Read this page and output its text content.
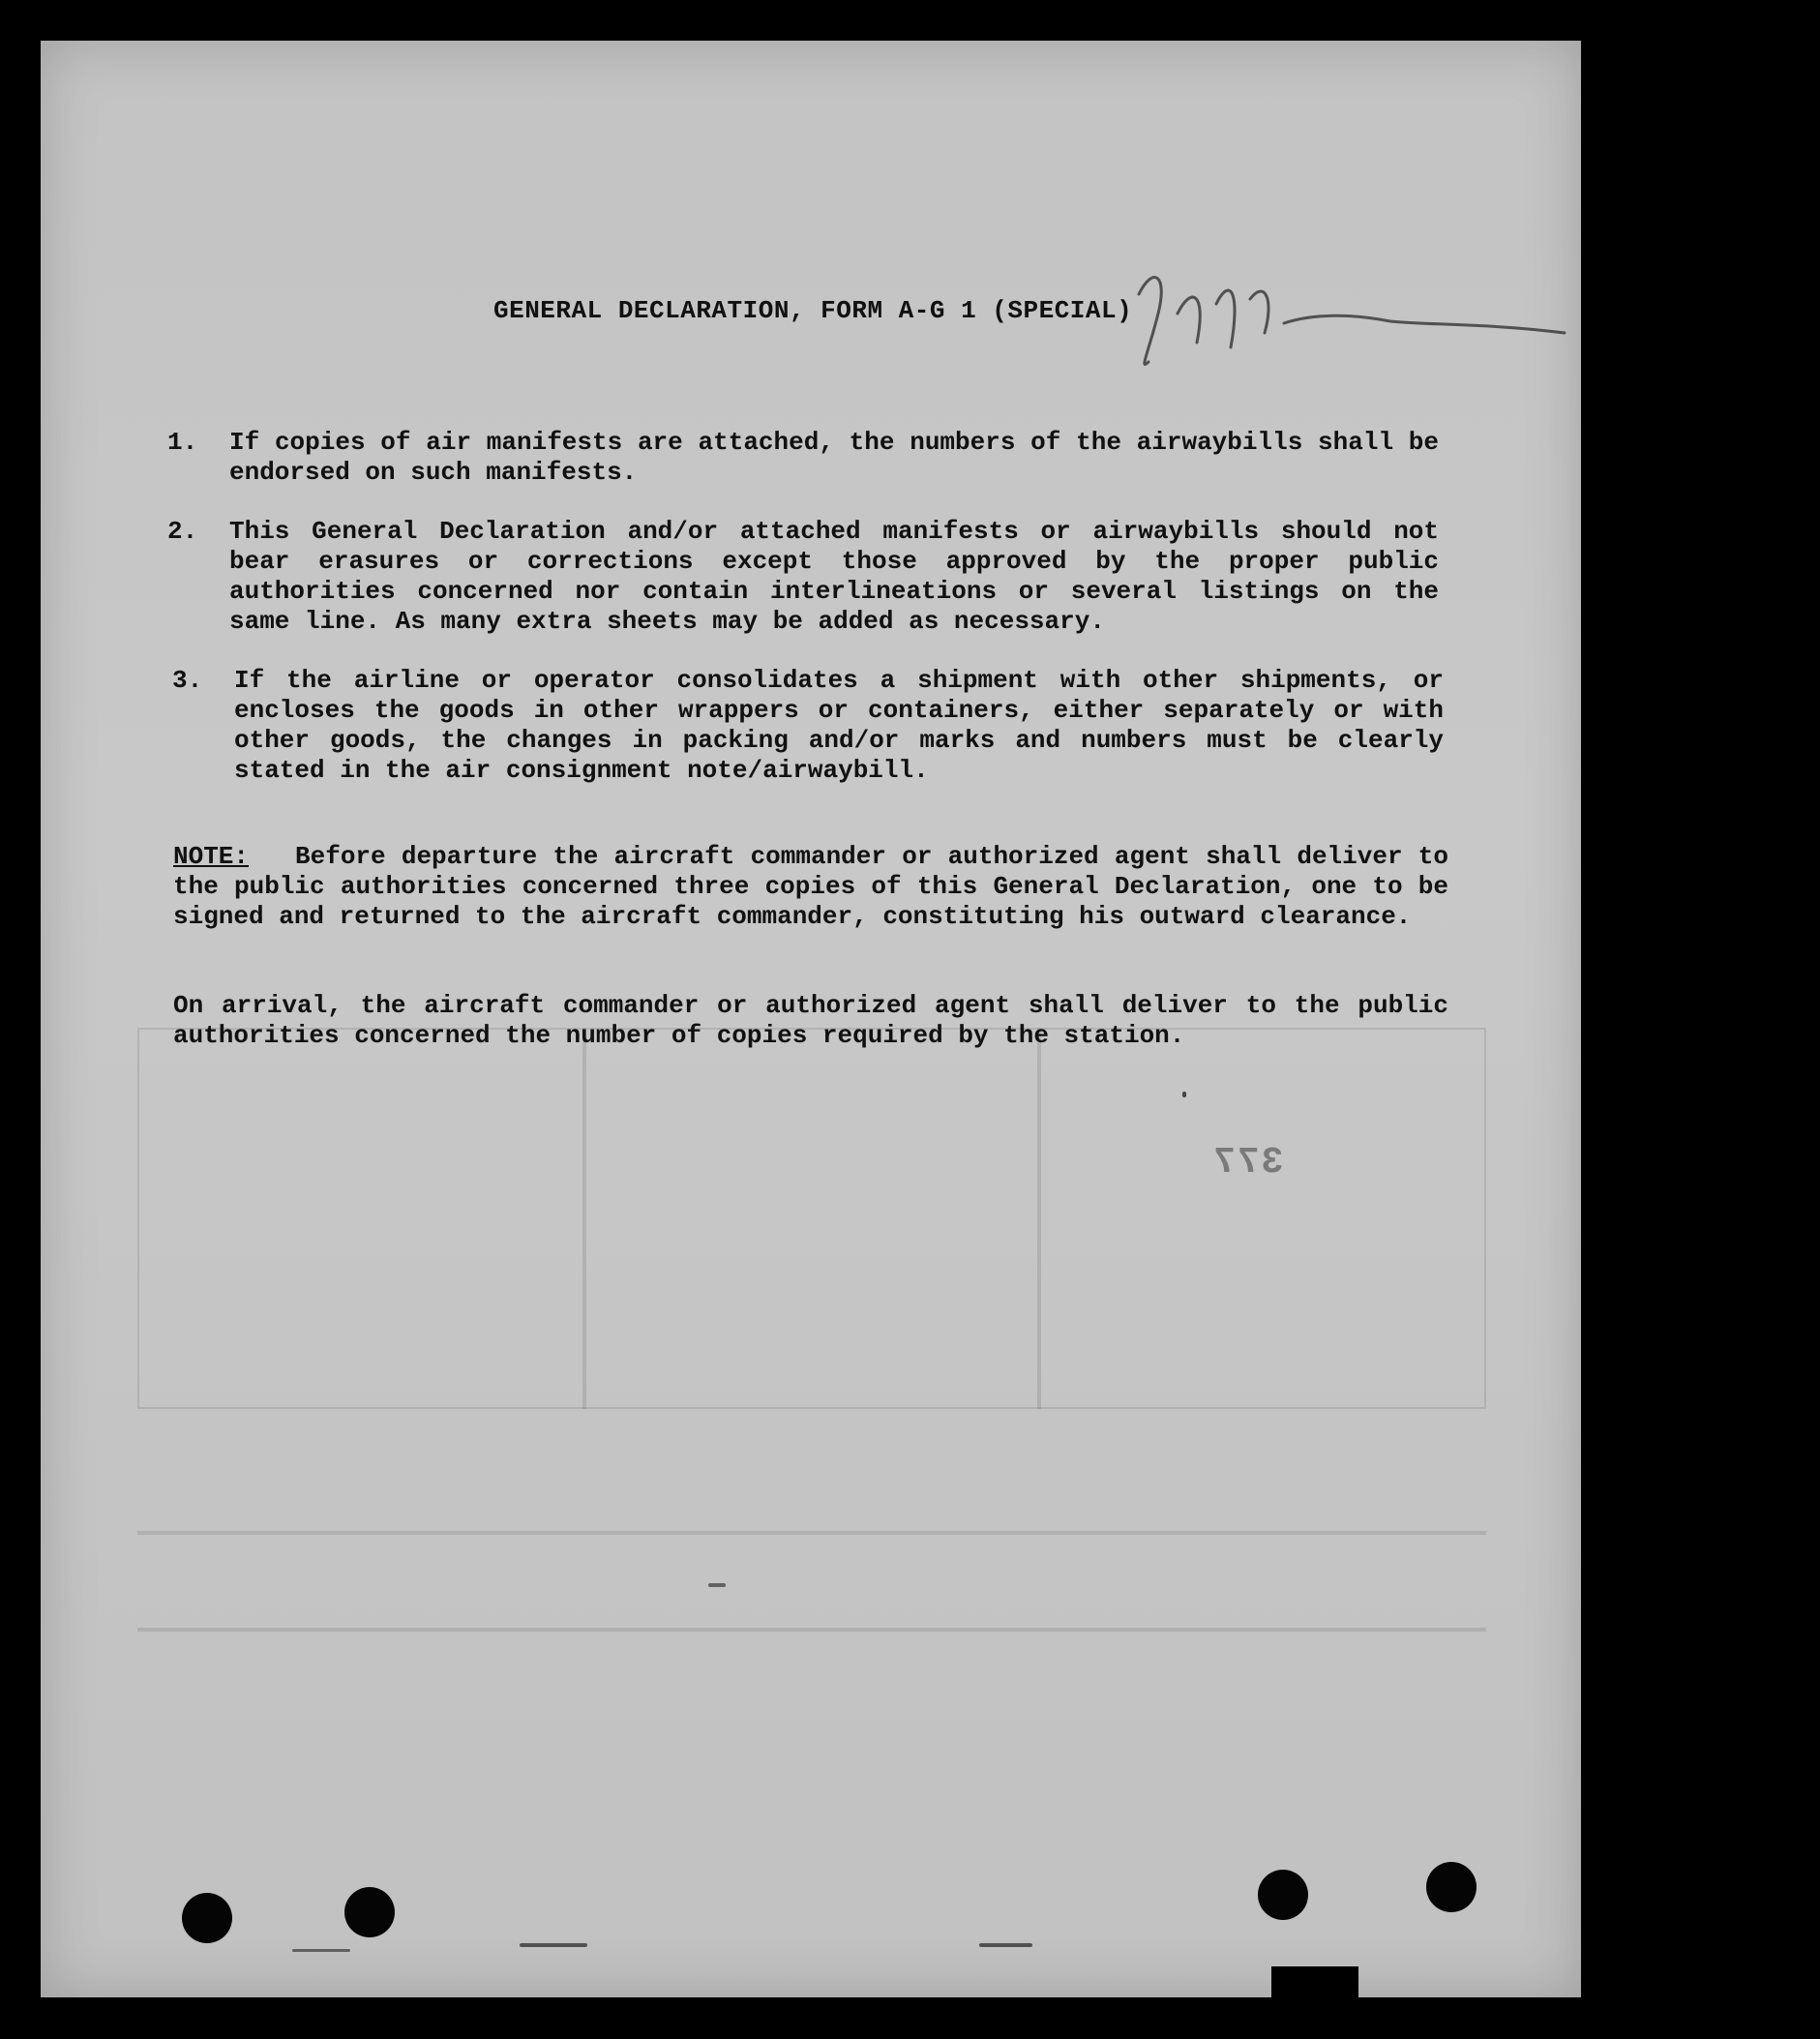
GENERAL DECLARATION, FORM A-G 1 (SPECIAL)
1. If copies of air manifests are attached, the numbers of the airwaybills shall be endorsed on such manifests.
2. This General Declaration and/or attached manifests or airwaybills should not bear erasures or corrections except those approved by the proper public authorities concerned nor contain interlineations or several listings on the same line. As many extra sheets may be added as necessary.
3. If the airline or operator consolidates a shipment with other shipments, or encloses the goods in other wrappers or containers, either separately or with other goods, the changes in packing and/or marks and numbers must be clearly stated in the air consignment note/airwaybill.
NOTE: Before departure the aircraft commander or authorized agent shall deliver to the public authorities concerned three copies of this General Declaration, one to be signed and returned to the aircraft commander, constituting his outward clearance.
On arrival, the aircraft commander or authorized agent shall deliver to the public authorities concerned the number of copies required by the station.
377
